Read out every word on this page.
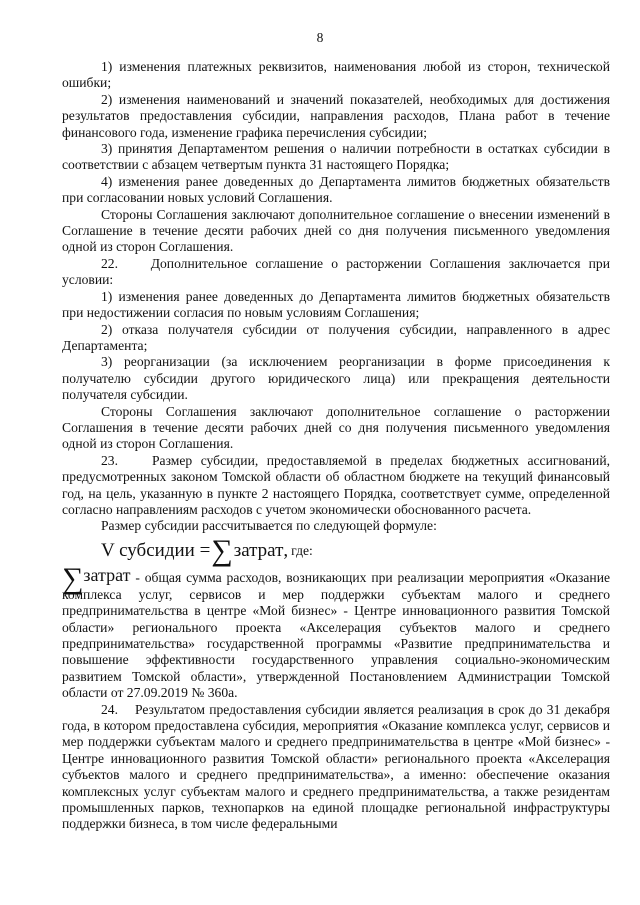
8

1) изменения платежных реквизитов, наименования любой из сторон, технической ошибки;

2) изменения наименований и значений показателей, необходимых для достижения результатов предоставления субсидии, направления расходов, Плана работ в течение финансового года, изменение графика перечисления субсидии;

3) принятия Департаментом решения о наличии потребности в остатках субсидии в соответствии с абзацем четвертым пункта 31 настоящего Порядка;

4) изменения ранее доведенных до Департамента лимитов бюджетных обязательств при согласовании новых условий Соглашения.

Стороны Соглашения заключают дополнительное соглашение о внесении изменений в Соглашение в течение десяти рабочих дней со дня получения письменного уведомления одной из сторон Соглашения.

22.    Дополнительное соглашение о расторжении Соглашения заключается при условии:

1) изменения ранее доведенных до Департамента лимитов бюджетных обязательств при недостижении согласия по новым условиям Соглашения;

2) отказа получателя субсидии от получения субсидии, направленного в адрес Департамента;

3) реорганизации (за исключением реорганизации в форме присоединения к получателю субсидии другого юридического лица) или прекращения деятельности получателя субсидии.

Стороны Соглашения заключают дополнительное соглашение о расторжении Соглашения в течение десяти рабочих дней со дня получения письменного уведомления одной из сторон Соглашения.

23.    Размер субсидии, предоставляемой в пределах бюджетных ассигнований, предусмотренных законом Томской области об областном бюджете на текущий финансовый год, на цель, указанную в пункте 2 настоящего Порядка, соответствует сумме, определенной согласно направлениям расходов с учетом экономически обоснованного расчета.

Размер субсидии рассчитывается по следующей формуле:

V субсидии = ∑ затрат , где:

∑затрат - общая сумма расходов, возникающих при реализации мероприятия «Оказание комплекса услуг, сервисов и мер поддержки субъектам малого и среднего предпринимательства в центре «Мой бизнес» - Центре инновационного развития Томской области» регионального проекта «Акселерация субъектов малого и среднего предпринимательства» государственной программы «Развитие предпринимательства и повышение эффективности государственного управления социально-экономическим развитием Томской области», утвержденной Постановлением Администрации Томской области от 27.09.2019 № 360а.

24.    Результатом предоставления субсидии является реализация в срок до 31 декабря года, в котором предоставлена субсидия, мероприятия «Оказание комплекса услуг, сервисов и мер поддержки субъектам малого и среднего предпринимательства в центре «Мой бизнес» - Центре инновационного развития Томской области» регионального проекта «Акселерация субъектов малого и среднего предпринимательства», а именно: обеспечение оказания комплексных услуг субъектам малого и среднего предпринимательства, а также резидентам промышленных парков, технопарков на единой площадке региональной инфраструктуры поддержки бизнеса, в том числе федеральными
